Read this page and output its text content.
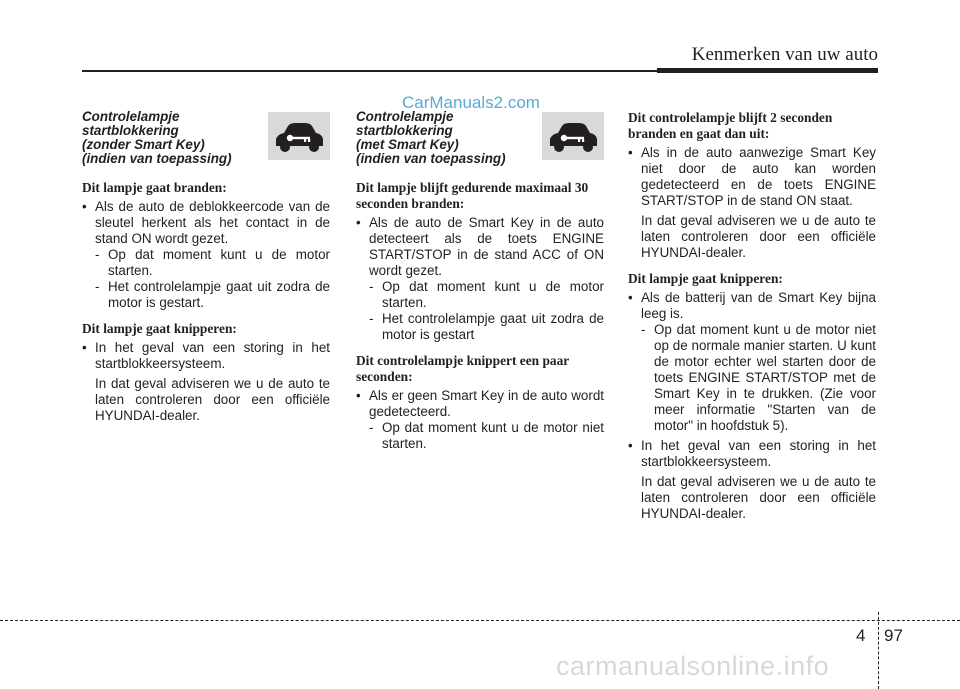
Kenmerken van uw auto
CarManuals2.com
Controlelampje
startblokkering
(zonder Smart Key)
(indien van toepassing)
Dit lampje gaat branden:
• Als de auto de deblokkeercode van de sleutel herkent als het contact in de stand ON wordt gezet.
- Op dat moment kunt u de motor starten.
- Het controlelampje gaat uit zodra de motor is gestart.
Dit lampje gaat knipperen:
• In het geval van een storing in het startblokkeersysteem.
In dat geval adviseren we u de auto te laten controleren door een officiële HYUNDAI-dealer.
Controlelampje
startblokkering
(met Smart Key)
(indien van toepassing)
Dit lampje blijft gedurende maximaal 30 seconden branden:
• Als de auto de Smart Key in de auto detecteert als de toets ENGINE START/STOP in de stand ACC of ON wordt gezet.
- Op dat moment kunt u de motor starten.
- Het controlelampje gaat uit zodra de motor is gestart
Dit controlelampje knippert een paar seconden:
• Als er geen Smart Key in de auto wordt gedetecteerd.
- Op dat moment kunt u de motor niet starten.
Dit controlelampje blijft 2 seconden branden en gaat dan uit:
• Als in de auto aanwezige Smart Key niet door de auto kan worden gedetecteerd en de toets ENGINE START/STOP in de stand ON staat.
In dat geval adviseren we u de auto te laten controleren door een officiële HYUNDAI-dealer.
Dit lampje gaat knipperen:
• Als de batterij van de Smart Key bijna leeg is.
- Op dat moment kunt u de motor niet op de normale manier starten. U kunt de motor echter wel starten door de toets ENGINE START/STOP met de Smart Key in te drukken. (Zie voor meer informatie "Starten van de motor" in hoofdstuk 5).
• In het geval van een storing in het startblokkeersysteem.
In dat geval adviseren we u de auto te laten controleren door een officiële HYUNDAI-dealer.
4 97
carmanualsonline.info
